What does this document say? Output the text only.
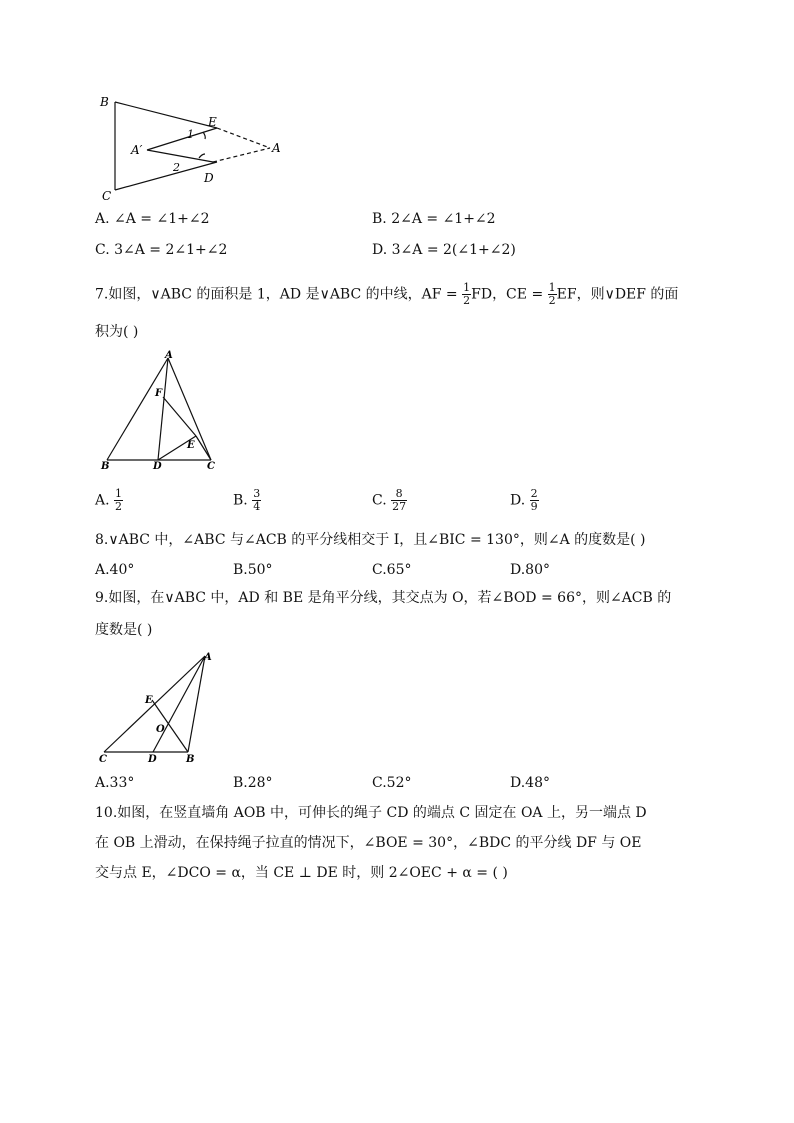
B
C
E
D
A
A′
1
2
A. ∠A = ∠1+∠2	B. 2∠A = ∠1+∠2
C. 3∠A = 2∠1+∠2	D. 3∠A = 2(∠1+∠2)
7.如图，∨ABC 的面积是 1，AD 是∨ABC 的中线，AF = $\frac{1}{2}$ FD，CE = $\frac{1}{2}$ EF，则∨DEF 的面
积为( )
A
F
E
B	D	C
A. $\frac{1}{2}$	B. $\frac{3}{4}$	C. $\frac{8}{27}$	D. $\frac{2}{9}$
8.∨ABC 中，∠ABC 与∠ACB 的平分线相交于 I，且∠BIC = 130°，则∠A 的度数是( )
A.40°	B.50°	C.65°	D.80°
9.如图，在∨ABC 中，AD 和 BE 是角平分线，其交点为 O，若∠BOD = 66°，则∠ACB 的
度数是( )
A
E
O
C	D	B
A.33°	B.28°	C.52°	D.48°
10.如图，在竖直墙角 AOB 中，可伸长的绳子 CD 的端点 C 固定在 OA 上，另一端点 D
在 OB 上滑动，在保持绳子拉直的情况下，∠BOE = 30°，∠BDC 的平分线 DF 与 OE
交与点 E，∠DCO = α，当 CE ⊥ DE 时，则 2∠OEC + α = ( )
